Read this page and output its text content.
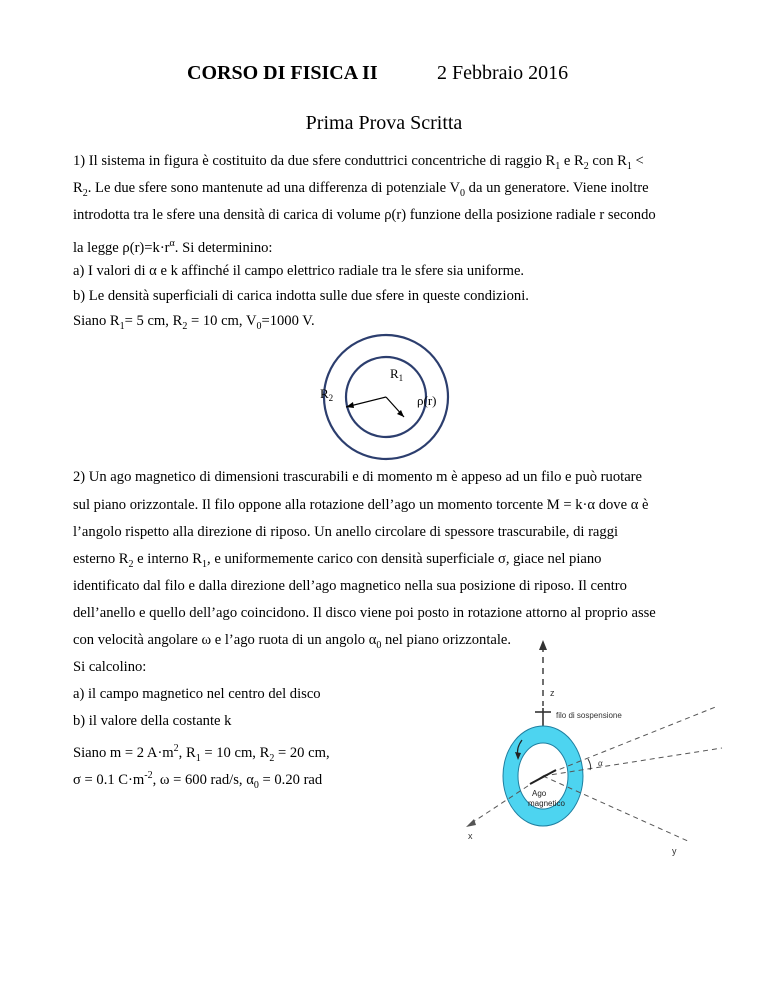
CORSO DI FISICA II	2 Febbraio 2016
Prima Prova Scritta

1) Il sistema in figura è costituito da due sfere conduttrici concentriche di raggio $R_1$ e $R_2$ con $R_1$ <

$R_2$. Le due sfere sono mantenute ad una differenza di potenziale $V_0$ da un generatore. Viene inoltre

introdotta tra le sfere una densità di carica di volume ρ(r) funzione della posizione radiale r secondo

la legge $\rho(r)=k\cdot r^\alpha$. Si determinino:

a) I valori di α e k affinché il campo elettrico radiale tra le sfere sia uniforme.

b) Le densità superficiali di carica indotta sulle due sfere in queste condizioni.

Siano $R_1= 5$ cm, $R_2 = 10$ cm, $V_0=1000$ V.

$R_2$
$R_1$
ρ(r)

2) Un ago magnetico di dimensioni trascurabili e di momento m è appeso ad un filo e può ruotare

sul piano orizzontale. Il filo oppone alla rotazione dell’ago un momento torcente M = k·α dove α è

l’angolo rispetto alla direzione di riposo. Un anello circolare di spessore trascurabile, di raggi

esterno $R_2$ e interno $R_1$, e uniformemente carico con densità superficiale σ, giace nel piano

identificato dal filo e dalla direzione dell’ago magnetico nella sua posizione di riposo. Il centro

dell’anello e quello dell’ago coincidono. Il disco viene poi posto in rotazione attorno al proprio asse

con velocità angolare ω e l’ago ruota di un angolo $\alpha_0$ nel piano orizzontale.

Si calcolino:

a) il campo magnetico nel centro del disco

b) il valore della costante k

Siano m = 2 $A\cdot m^2$, $R_1 = 10$ cm, $R_2 = 20$ cm,

σ = 0.1 $C\cdot m^{-2}$, ω = 600 rad/s, $\alpha_0 = 0.20$ rad

z
filo di sospensione
x
y
α
Ago
magnetico
